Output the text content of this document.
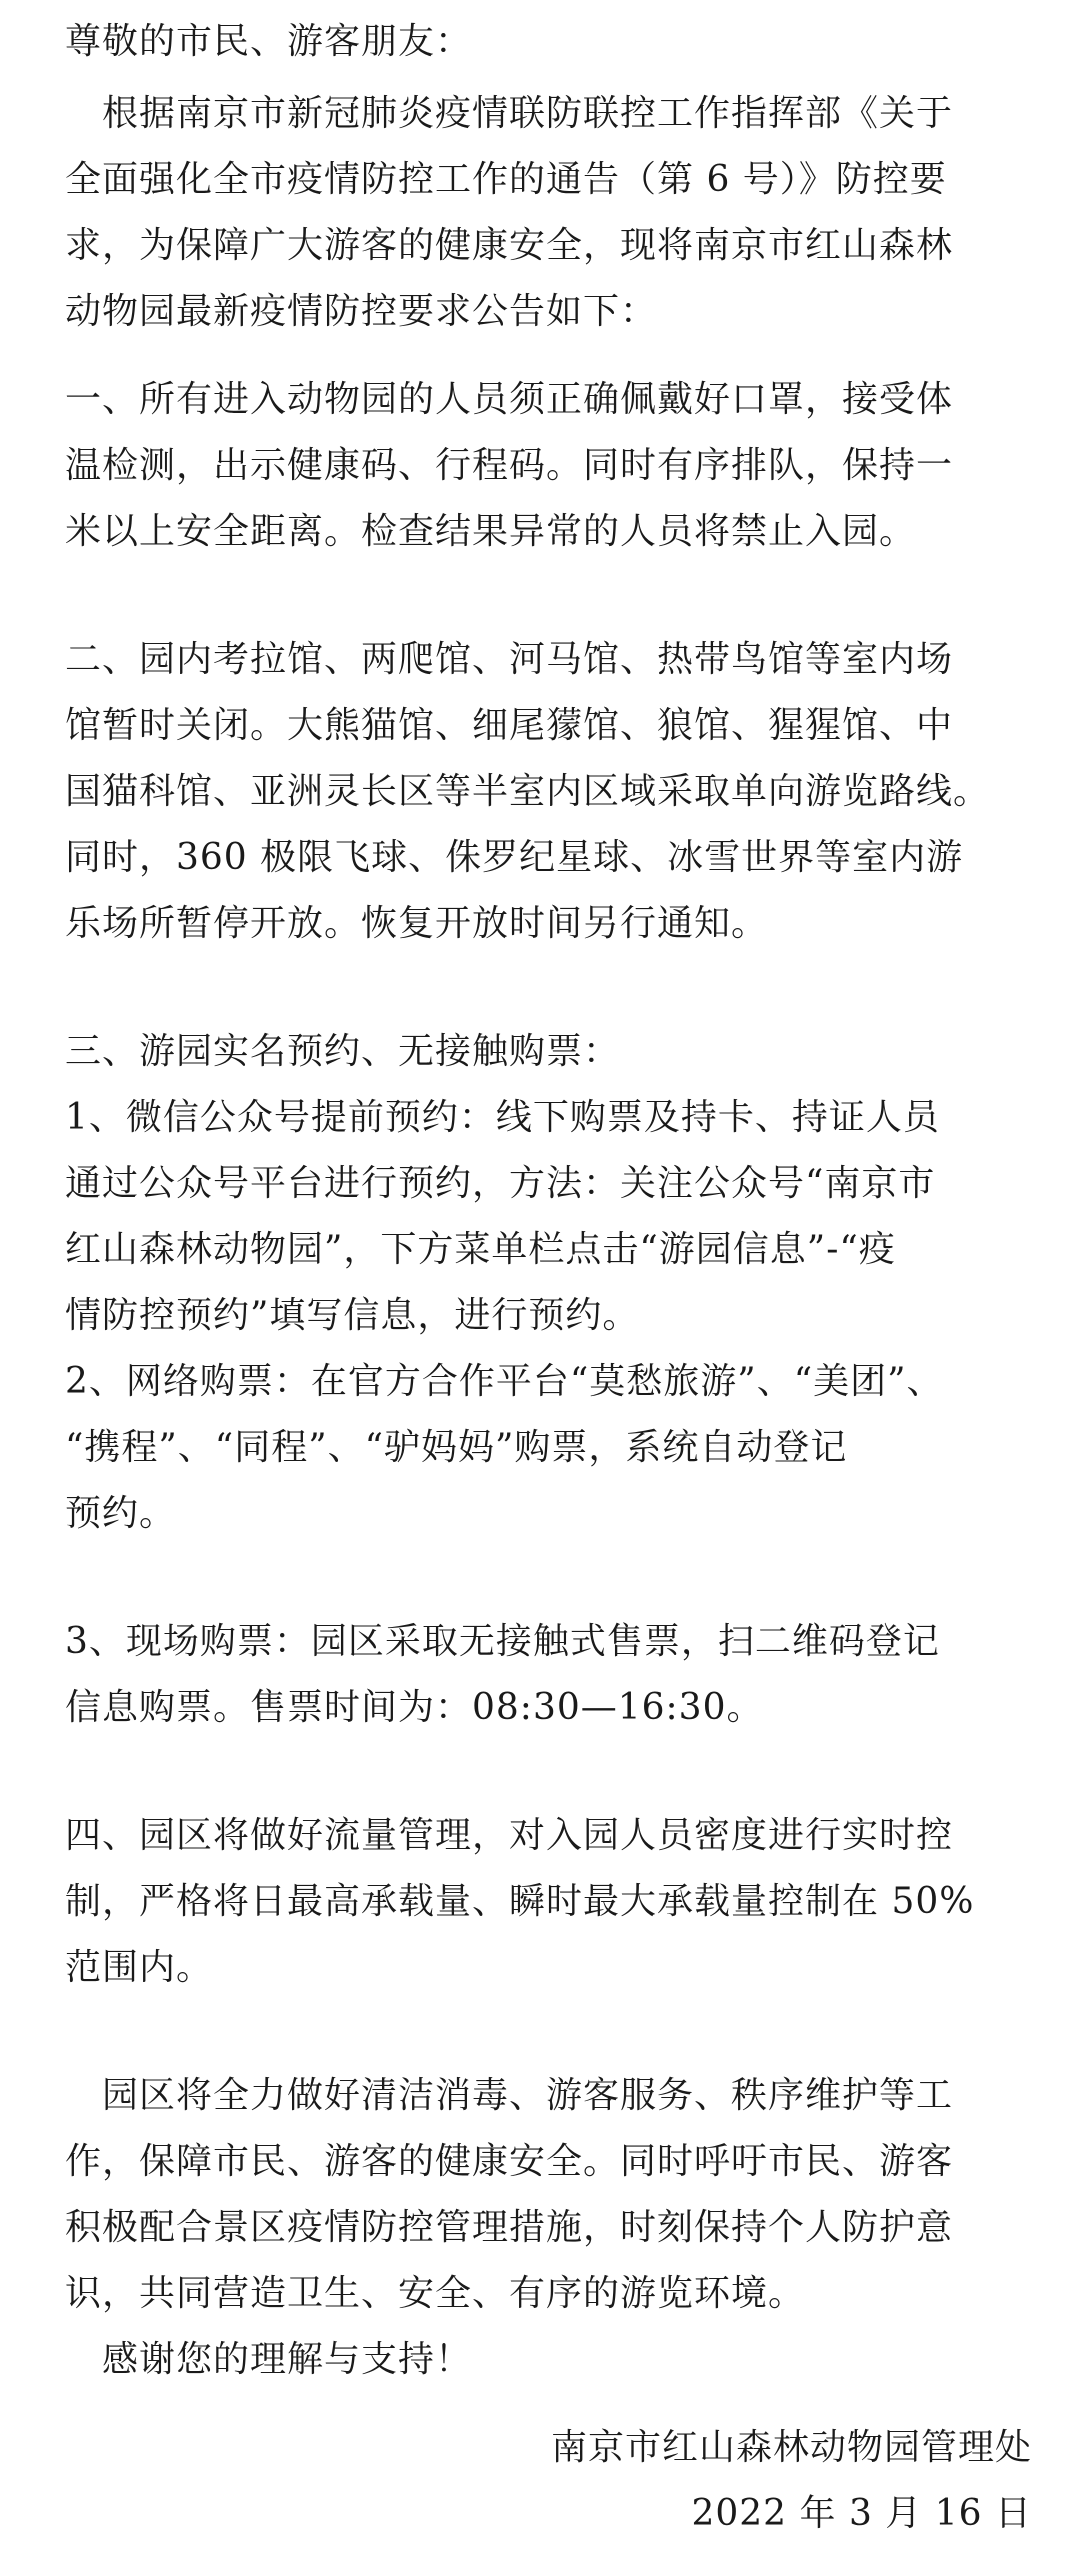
尊敬的市民、游客朋友：
根据南京市新冠肺炎疫情联防联控工作指挥部《关于
全面强化全市疫情防控工作的通告（第 6 号）》防控要
求，为保障广大游客的健康安全，现将南京市红山森林
动物园最新疫情防控要求公告如下：
一、所有进入动物园的人员须正确佩戴好口罩，接受体
温检测，出示健康码、行程码。同时有序排队，保持一
米以上安全距离。检查结果异常的人员将禁止入园。
二、园内考拉馆、两爬馆、河马馆、热带鸟馆等室内场
馆暂时关闭。大熊猫馆、细尾獴馆、狼馆、猩猩馆、中
国猫科馆、亚洲灵长区等半室内区域采取单向游览路线。
同时，360 极限飞球、侏罗纪星球、冰雪世界等室内游
乐场所暂停开放。恢复开放时间另行通知。
三、游园实名预约、无接触购票：
1、微信公众号提前预约：线下购票及持卡、持证人员
通过公众号平台进行预约，方法：关注公众号“南京市
红山森林动物园”，下方菜单栏点击“游园信息”-“疫
情防控预约”填写信息，进行预约。
2、网络购票：在官方合作平台“莫愁旅游”、“美团”、
“携程”、“同程”、“驴妈妈”购票，系统自动登记
预约。
3、现场购票：园区采取无接触式售票，扫二维码登记
信息购票。售票时间为：08:30—16:30。
四、园区将做好流量管理，对入园人员密度进行实时控
制，严格将日最高承载量、瞬时最大承载量控制在 50%
范围内。
园区将全力做好清洁消毒、游客服务、秩序维护等工
作，保障市民、游客的健康安全。同时呼吁市民、游客
积极配合景区疫情防控管理措施，时刻保持个人防护意
识，共同营造卫生、安全、有序的游览环境。
感谢您的理解与支持！
南京市红山森林动物园管理处
2022 年 3 月 16 日
